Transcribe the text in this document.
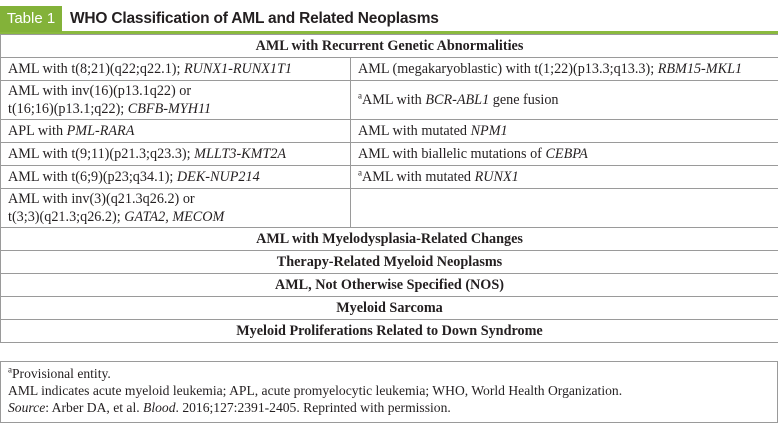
Table 1 WHO Classification of AML and Related Neoplasms
AML with Recurrent Genetic Abnormalities	
AML with t(8;21)(q22;q22.1); RUNX1-RUNX1T1	AML (megakaryoblastic) with t(1;22)(p13.3;q13.3); RBM15-MKL1

AML with inv(16)(p13.1q22) or
t(16;16)(p13.1;q22); CBFB-MYH11	$^a$AML with BCR-ABL1 gene fusion
APL with PML-RARA	AML with mutated NPM1
AML with t(9;11)(p21.3;q23.3); MLLT3-KMT2A	AML with biallelic mutations of CEBPA
AML with t(6;9)(p23;q34.1); DEK-NUP214	$^a$AML with mutated RUNX1

AML with inv(3)(q21.3q26.2) or
t(3;3)(q21.3;q26.2); GATA2, MECOM	

AML with Myelodysplasia-Related Changes	
Therapy-Related Myeloid Neoplasms	
AML, Not Otherwise Specified (NOS)	
Myeloid Sarcoma	
Myeloid Proliferations Related to Down Syndrome	
$^a$Provisional entity.
AML indicates acute myeloid leukemia; APL, acute promyelocytic leukemia; WHO, World Health Organization.
Source: Arber DA, et al. Blood. 2016;127:2391-2405. Reprinted with permission.
